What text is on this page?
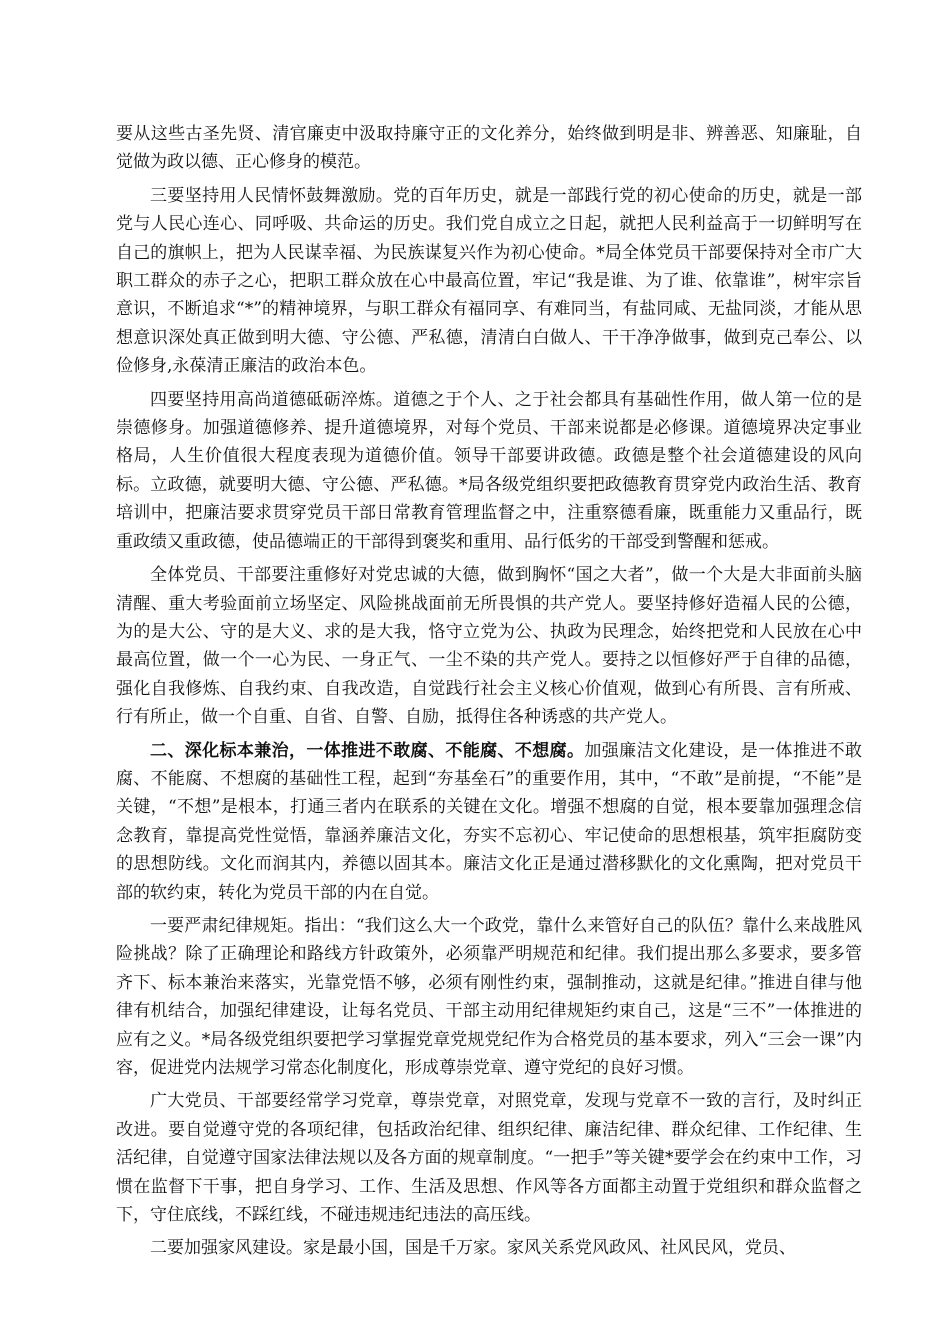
要从这些古圣先贤、清官廉吏中汲取持廉守正的文化养分，始终做到明是非、辨善恶、知廉耻，自觉做为政以德、正心修身的模范。

三要坚持用人民情怀鼓舞激励。党的百年历史，就是一部践行党的初心使命的历史，就是一部党与人民心连心、同呼吸、共命运的历史。我们党自成立之日起，就把人民利益高于一切鲜明写在自己的旗帜上，把为人民谋幸福、为民族谋复兴作为初心使命。*局全体党员干部要保持对全市广大职工群众的赤子之心，把职工群众放在心中最高位置，牢记“我是谁、为了谁、依靠谁”，树牢宗旨意识，不断追求“*”的精神境界，与职工群众有福同享、有难同当，有盐同咸、无盐同淡，才能从思想意识深处真正做到明大德、守公德、严私德，清清白白做人、干干净净做事，做到克己奉公、以俭修身,永葆清正廉洁的政治本色。

四要坚持用高尚道德砥砺淬炼。道德之于个人、之于社会都具有基础性作用，做人第一位的是崇德修身。加强道德修养、提升道德境界，对每个党员、干部来说都是必修课。道德境界决定事业格局，人生价值很大程度表现为道德价值。领导干部要讲政德。政德是整个社会道德建设的风向标。立政德，就要明大德、守公德、严私德。*局各级党组织要把政德教育贯穿党内政治生活、教育培训中，把廉洁要求贯穿党员干部日常教育管理监督之中，注重察德看廉，既重能力又重品行，既重政绩又重政德，使品德端正的干部得到褒奖和重用、品行低劣的干部受到警醒和惩戒。

全体党员、干部要注重修好对党忠诚的大德，做到胸怀“国之大者”，做一个大是大非面前头脑清醒、重大考验面前立场坚定、风险挑战面前无所畏惧的共产党人。要坚持修好造福人民的公德，为的是大公、守的是大义、求的是大我，恪守立党为公、执政为民理念，始终把党和人民放在心中最高位置，做一个一心为民、一身正气、一尘不染的共产党人。要持之以恒修好严于自律的品德，强化自我修炼、自我约束、自我改造，自觉践行社会主义核心价值观，做到心有所畏、言有所戒、行有所止，做一个自重、自省、自警、自励，抵得住各种诱惑的共产党人。

二、深化标本兼治，一体推进不敢腐、不能腐、不想腐。加强廉洁文化建设，是一体推进不敢腐、不能腐、不想腐的基础性工程，起到“夯基垒石”的重要作用，其中，“不敢”是前提，“不能”是关键，“不想”是根本，打通三者内在联系的关键在文化。增强不想腐的自觉，根本要靠加强理念信念教育，靠提高党性觉悟，靠涵养廉洁文化，夯实不忘初心、牢记使命的思想根基，筑牢拒腐防变的思想防线。文化而润其内，养德以固其本。廉洁文化正是通过潜移默化的文化熏陶，把对党员干部的软约束，转化为党员干部的内在自觉。

一要严肃纪律规矩。指出：“我们这么大一个政党，靠什么来管好自己的队伍？靠什么来战胜风险挑战？除了正确理论和路线方针政策外，必须靠严明规范和纪律。我们提出那么多要求，要多管齐下、标本兼治来落实，光靠党悟不够，必须有刚性约束，强制推动，这就是纪律。”推进自律与他律有机结合，加强纪律建设，让每名党员、干部主动用纪律规矩约束自己，这是“三不”一体推进的应有之义。*局各级党组织要把学习掌握党章党规党纪作为合格党员的基本要求，列入“三会一课”内容，促进党内法规学习常态化制度化，形成尊崇党章、遵守党纪的良好习惯。

广大党员、干部要经常学习党章，尊崇党章，对照党章，发现与党章不一致的言行，及时纠正改进。要自觉遵守党的各项纪律，包括政治纪律、组织纪律、廉洁纪律、群众纪律、工作纪律、生活纪律，自觉遵守国家法律法规以及各方面的规章制度。“一把手”等关键*要学会在约束中工作，习惯在监督下干事，把自身学习、工作、生活及思想、作风等各方面都主动置于党组织和群众监督之下，守住底线，不踩红线，不碰违规违纪违法的高压线。

二要加强家风建设。家是最小国，国是千万家。家风关系党风政风、社风民风，党员、
